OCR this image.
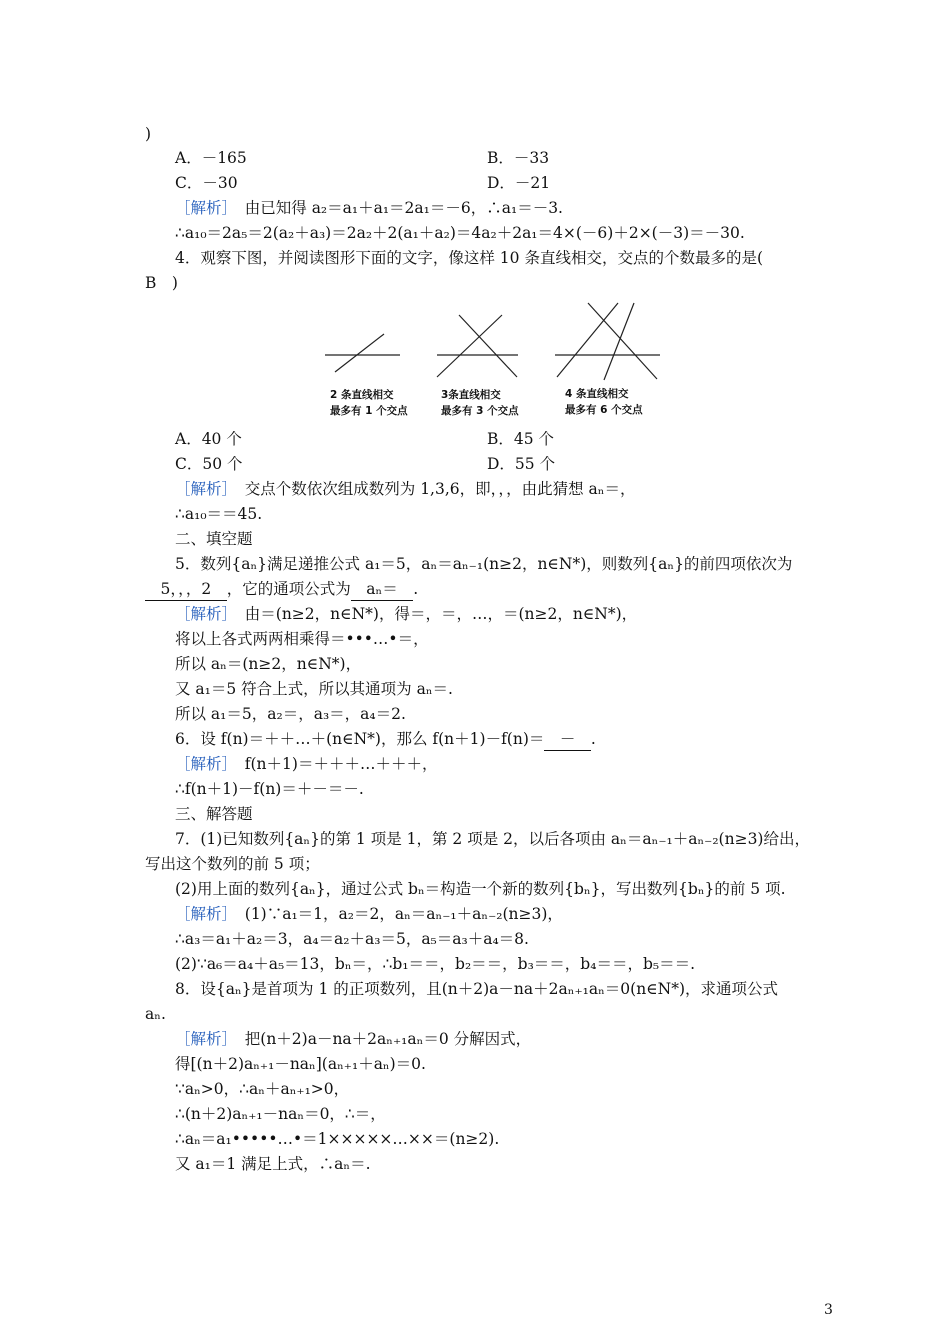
)
A．－165	B．－33
C．－30	D．－21
［解析］　由已知得 a₂＝a₁＋a₁＝2a₁＝－6，∴a₁＝－3.
∴a₁₀＝2a₅＝2(a₂＋a₃)＝2a₂＋2(a₁＋a₂)＝4a₂＋2a₁＝4×(－6)＋2×(－3)＝－30.
4．观察下图，并阅读图形下面的文字，像这样 10 条直线相交，交点的个数最多的是(
B　)
2 条直线相交
最多有 1 个交点
3条直线相交
最多有 3 个交点
4 条直线相交
最多有 6 个交点
A．40 个	B．45 个
C．50 个	D．55 个
［解析］　交点个数依次组成数列为 1,3,6，即，，，由此猜想 aₙ＝，
∴a₁₀＝＝45.
二、填空题
5．数列{aₙ}满足递推公式 a₁＝5，aₙ＝aₙ₋₁(n≥2，n∈N*)，则数列{aₙ}的前四项依次为
　5，，，2　，它的通项公式为　aₙ＝　.
［解析］　由＝(n≥2，n∈N*)，得＝，＝，…，＝(n≥2，n∈N*)，
将以上各式两两相乘得＝•••…•＝，
所以 aₙ＝(n≥2，n∈N*)，
又 a₁＝5 符合上式，所以其通项为 aₙ＝.
所以 a₁＝5，a₂＝，a₃＝，a₄＝2.
6．设 f(n)＝＋＋…＋(n∈N*)，那么 f(n＋1)－f(n)＝　－　.
［解析］　f(n＋1)＝＋＋＋…＋＋＋，
∴f(n＋1)－f(n)＝＋－＝－.
三、解答题
7．(1)已知数列{aₙ}的第 1 项是 1，第 2 项是 2，以后各项由 aₙ＝aₙ₋₁＋aₙ₋₂(n≥3)给出，
写出这个数列的前 5 项；
(2)用上面的数列{aₙ}，通过公式 bₙ＝构造一个新的数列{bₙ}，写出数列{bₙ}的前 5 项.
［解析］　(1)∵a₁＝1，a₂＝2，aₙ＝aₙ₋₁＋aₙ₋₂(n≥3)，
∴a₃＝a₁＋a₂＝3，a₄＝a₂＋a₃＝5，a₅＝a₃＋a₄＝8.
(2)∵a₆＝a₄＋a₅＝13，bₙ＝，∴b₁＝＝，b₂＝＝，b₃＝＝，b₄＝＝，b₅＝＝.
8．设{aₙ}是首项为 1 的正项数列，且(n＋2)a－na＋2aₙ₊₁aₙ＝0(n∈N*)，求通项公式
aₙ.
［解析］　把(n＋2)a－na＋2aₙ₊₁aₙ＝0 分解因式，
得[(n＋2)aₙ₊₁－naₙ](aₙ₊₁＋aₙ)＝0.
∵aₙ>0，∴aₙ＋aₙ₊₁>0，
∴(n＋2)aₙ₊₁－naₙ＝0，∴＝，
∴aₙ＝a₁•••••…•＝1×××××…××＝(n≥2).
又 a₁＝1 满足上式，∴aₙ＝.
3
